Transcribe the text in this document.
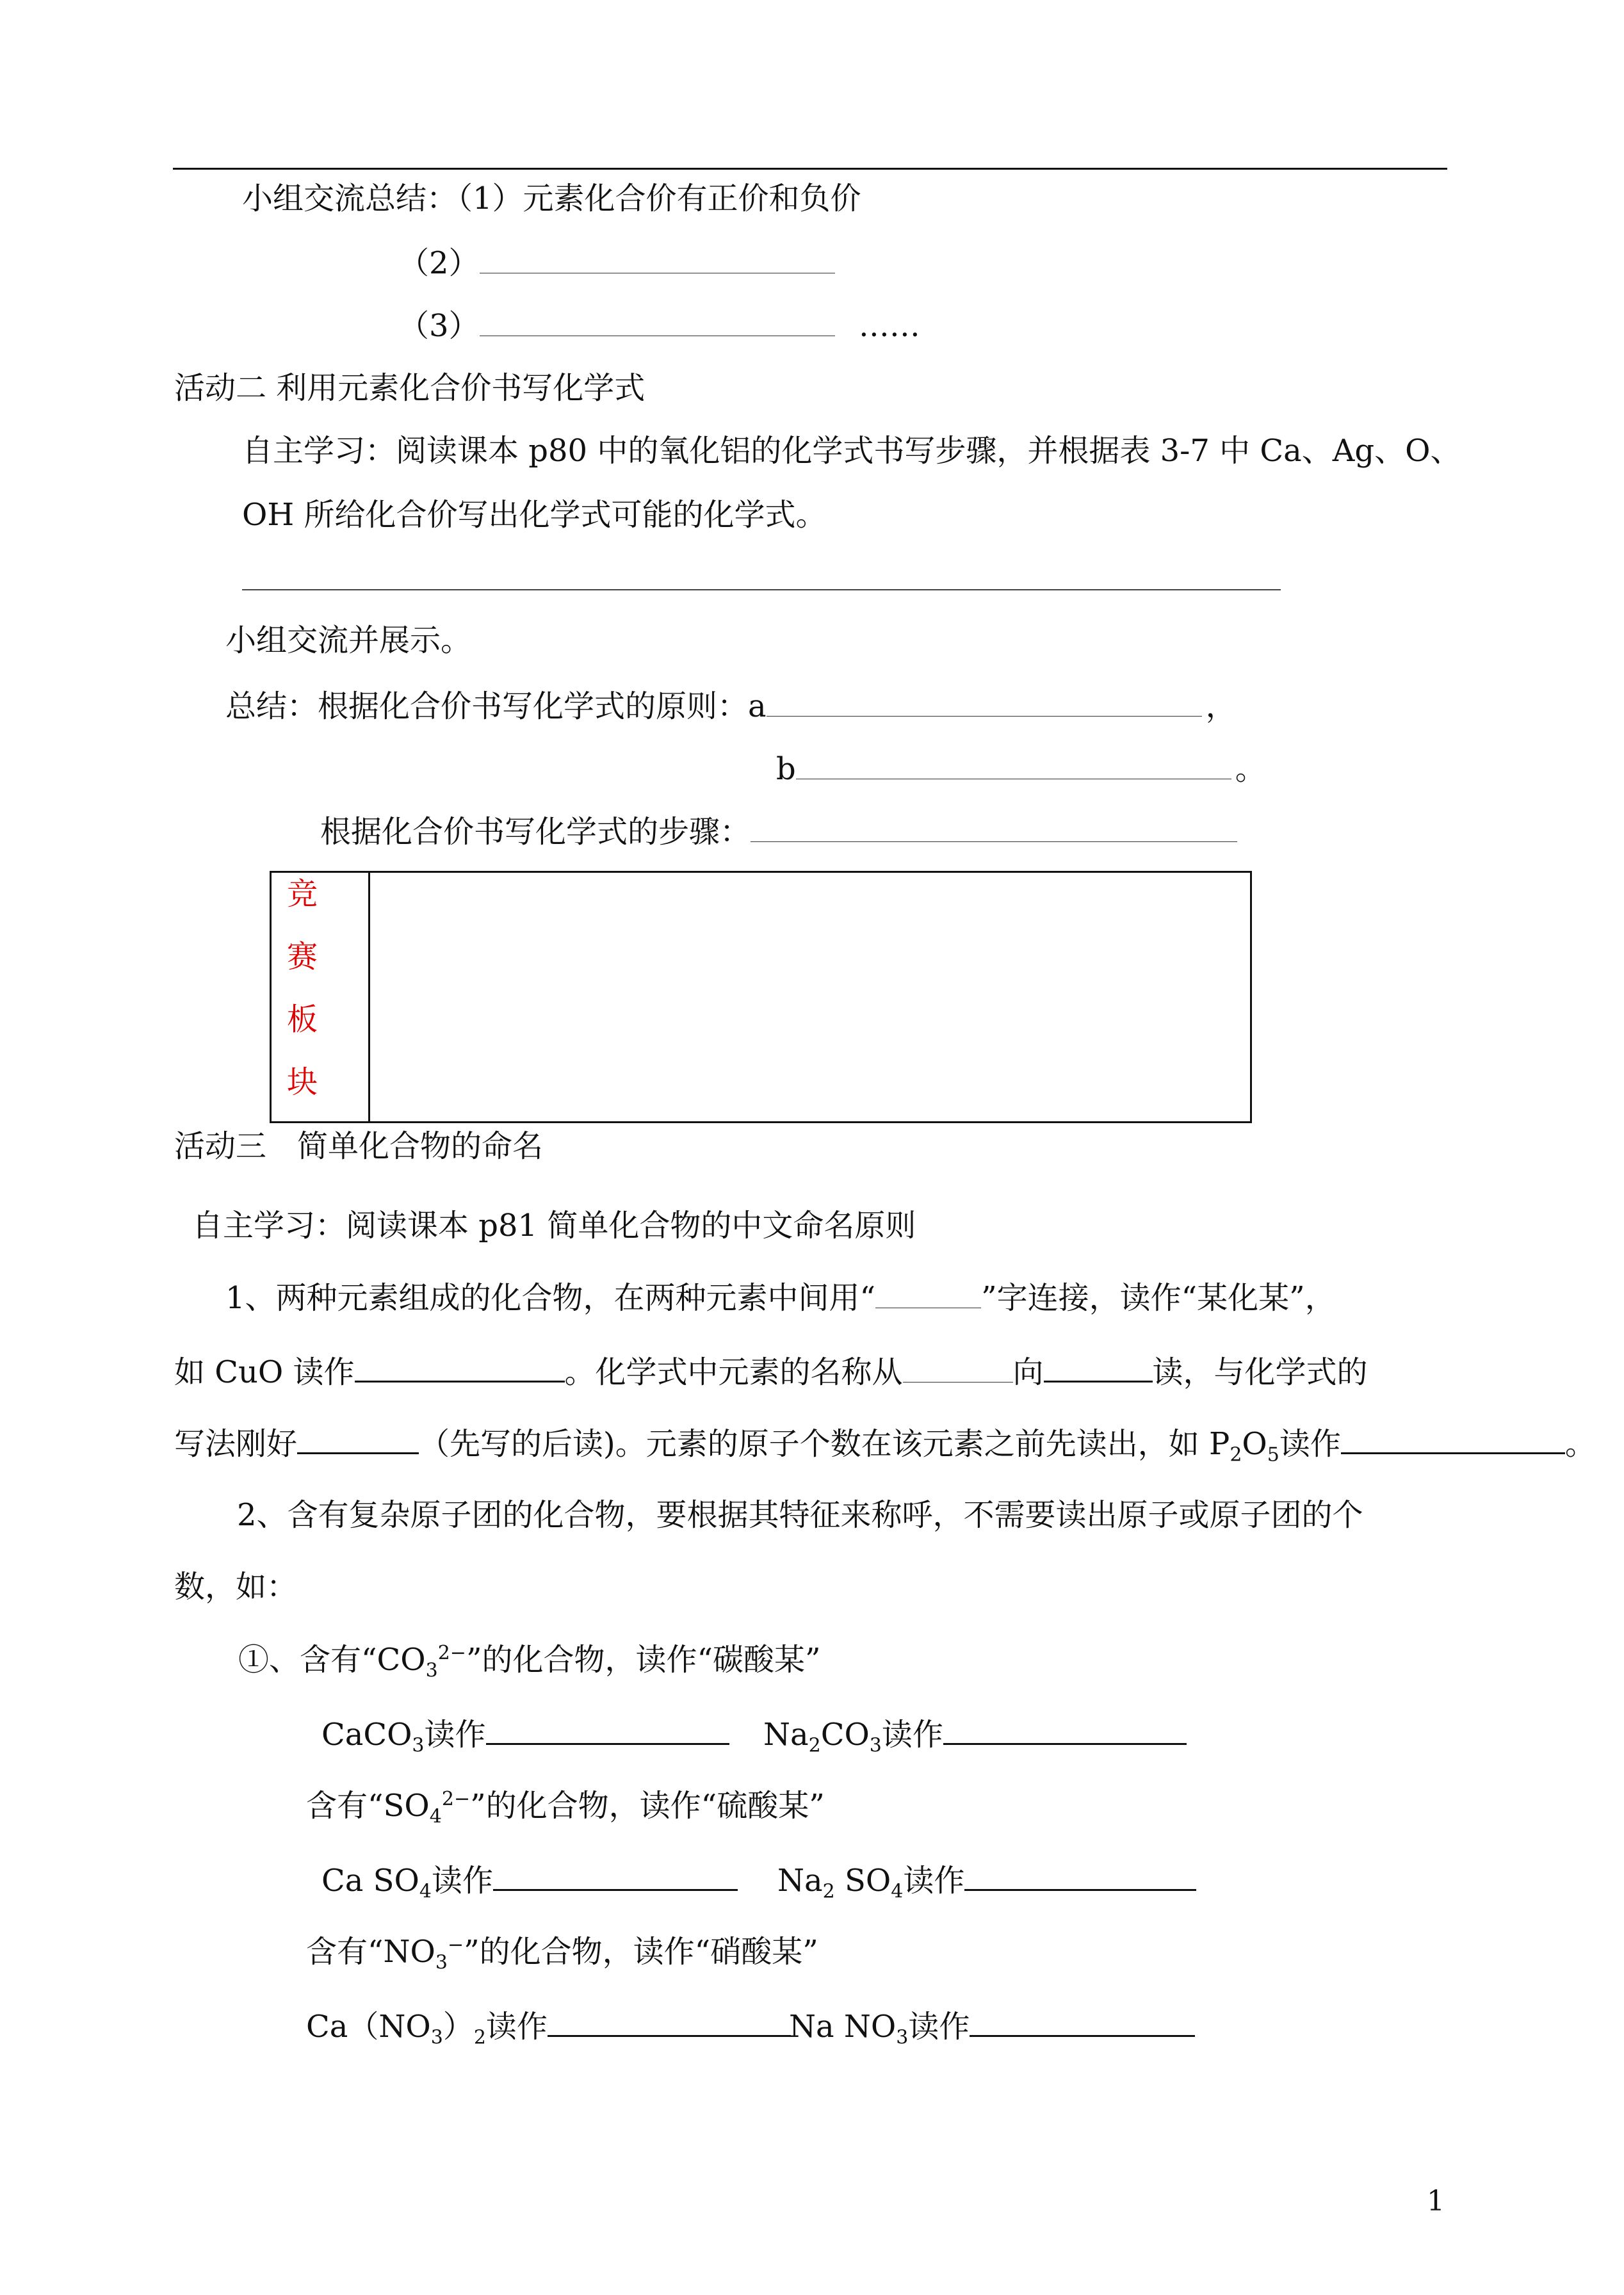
小组交流总结：（1）元素化合价有正价和负价
（2）
（3）	……
活动二 利用元素化合价书写化学式
自主学习：阅读课本 p80 中的氧化铝的化学式书写步骤，并根据表 3-7 中 Ca、Ag、O、
OH 所给化合价写出化学式可能的化学式。
小组交流并展示。
总结：根据化合价书写化学式的原则：a	，
b	。
根据化合价书写化学式的步骤：
竞
赛
板
块
活动三　简单化合物的命名
自主学习：阅读课本 p81 简单化合物的中文命名原则
1、两种元素组成的化合物，在两种元素中间用“	”字连接，读作“某化某”，
如 CuO 读作	。化学式中元素的名称从	向	读，与化学式的
写法刚好	（先写的后读)。元素的原子个数在该元素之前先读出，如 $P_2O_5$读作	。
2、含有复杂原子团的化合物，要根据其特征来称呼，不需要读出原子或原子团的个
数，如：
①、含有“$CO_3^{2-}$”的化合物，读作“碳酸某”
CaCO$_3$读作	$Na_2CO_3$读作
含有“$SO_4^{2-}$”的化合物，读作“硫酸某”
Ca $SO_4$读作	$Na_2$ $SO_4$读作
含有“$NO_3^-$”的化合物，读作“硝酸某”
$Ca(NO_3)_2$读作	Na $NO_3$读作
1
